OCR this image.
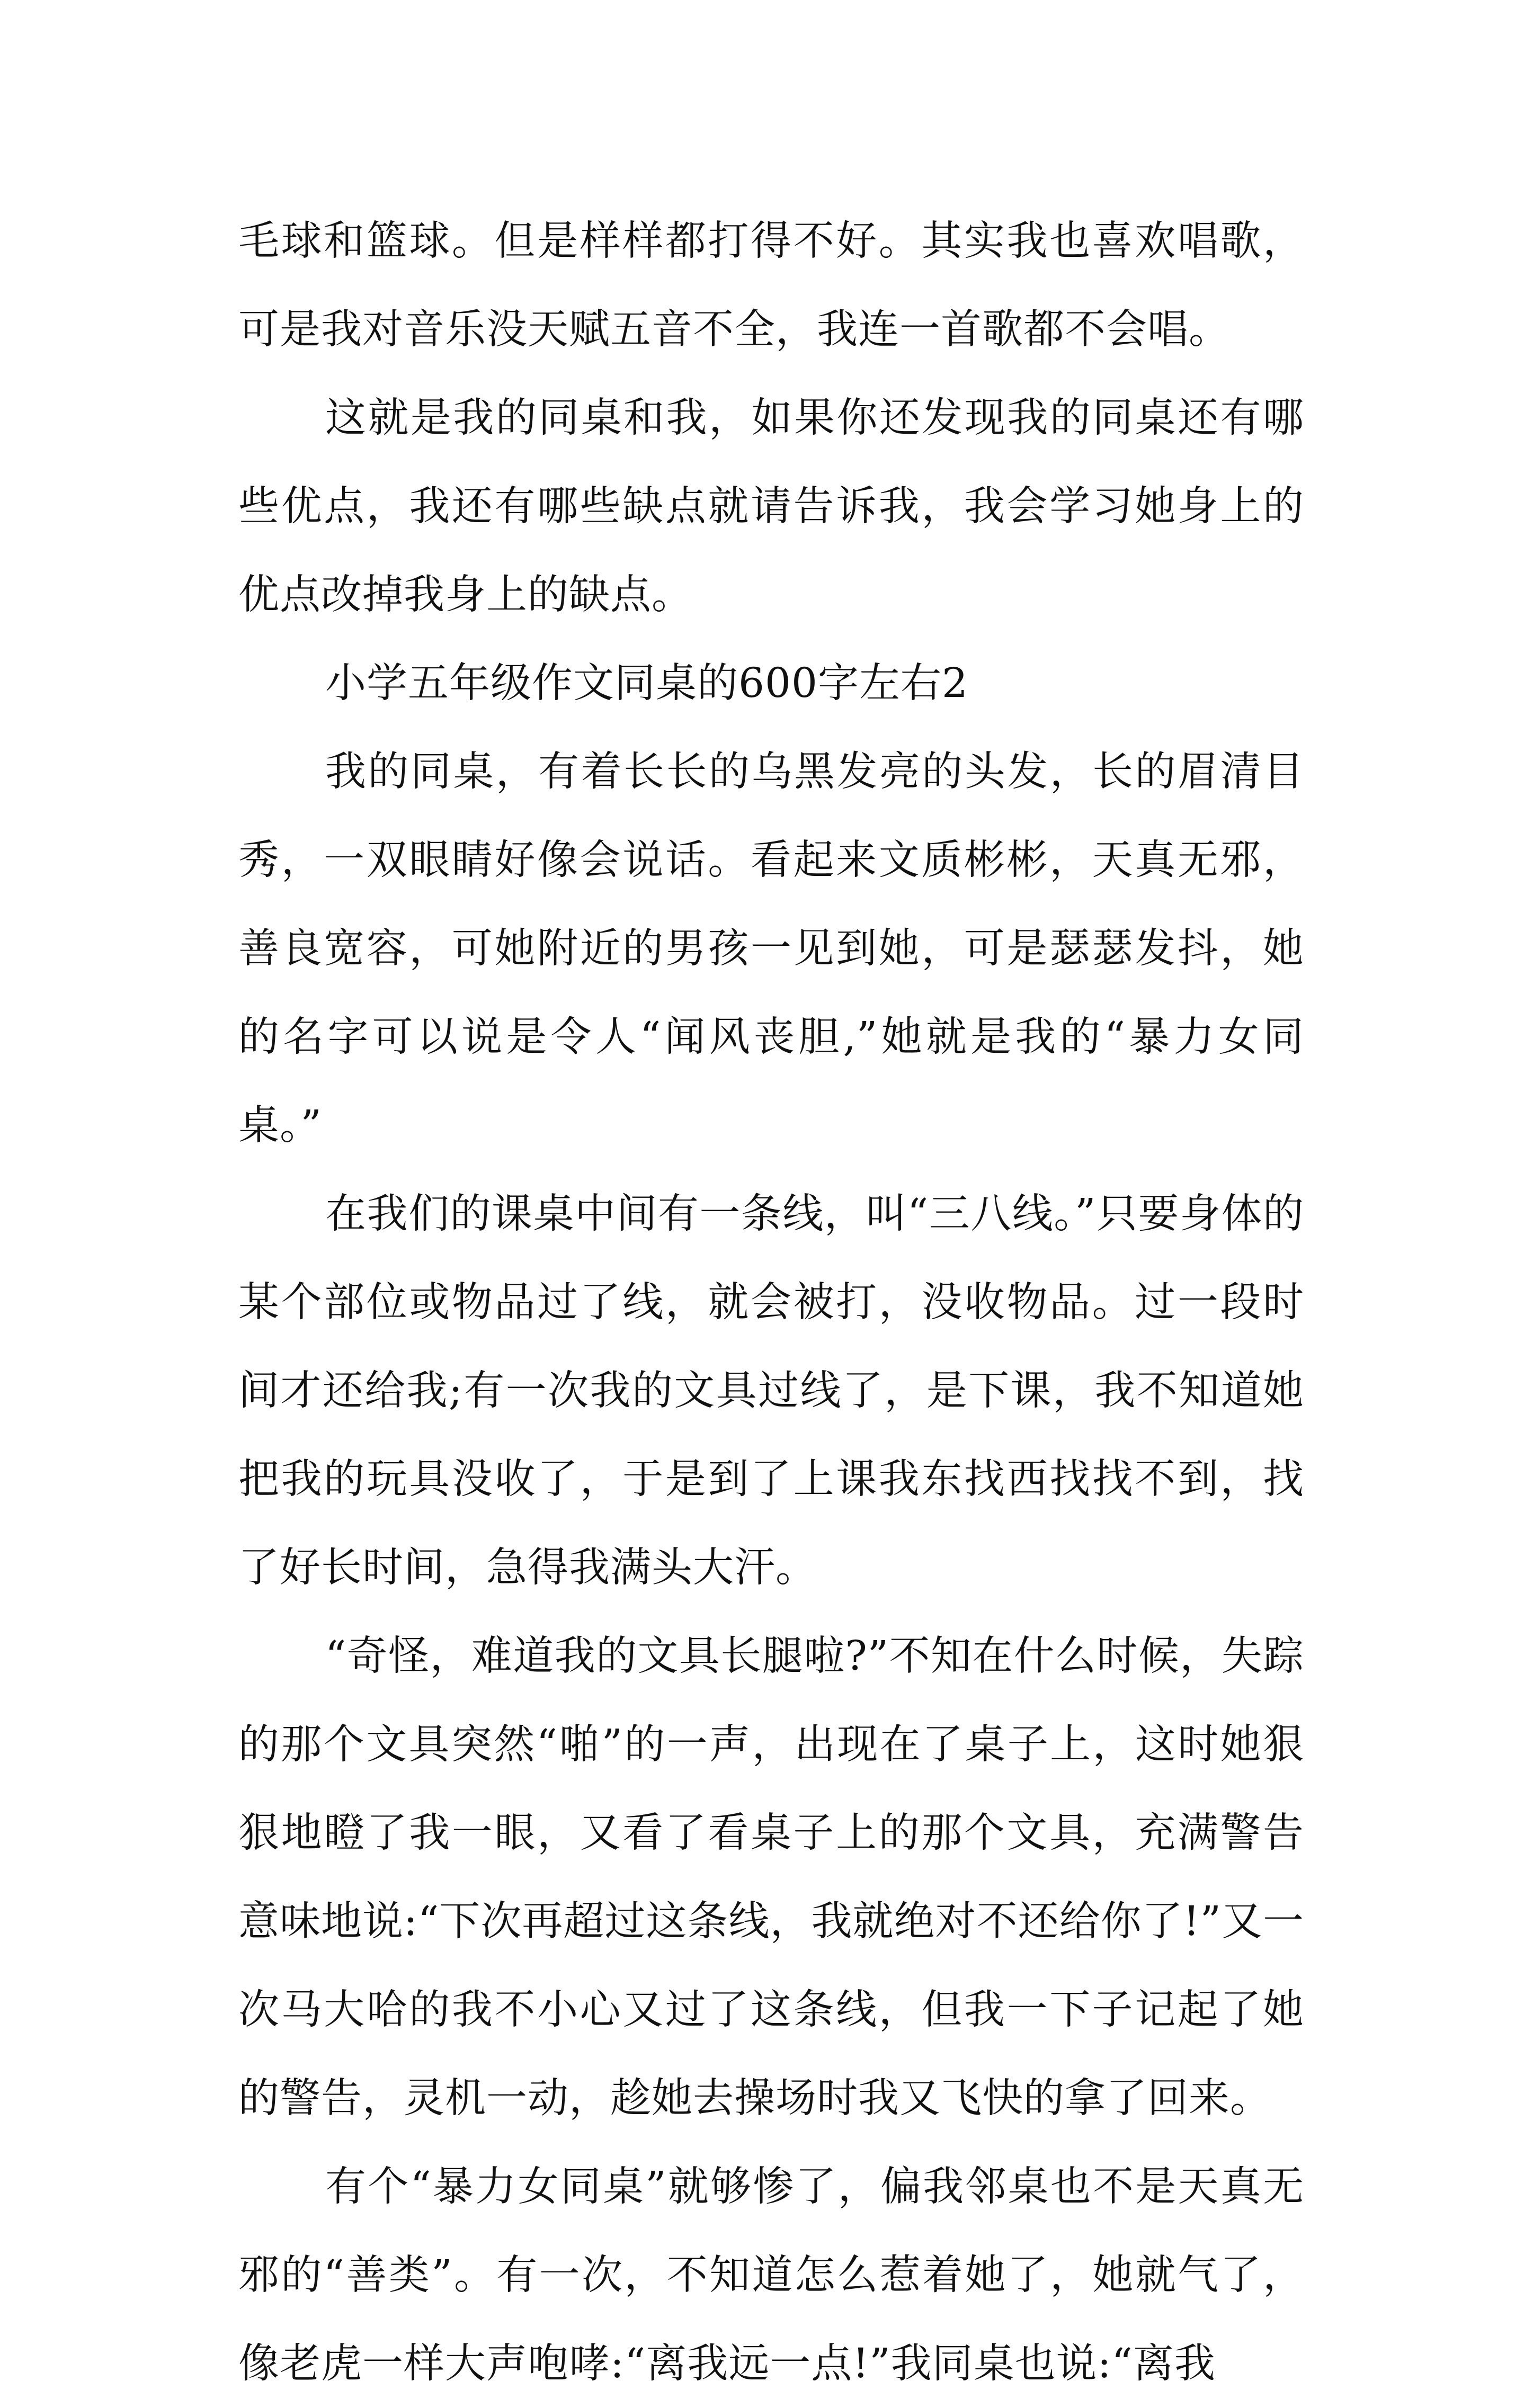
毛球和篮球。但是样样都打得不好。其实我也喜欢唱歌，可是我对音乐没天赋五音不全，我连一首歌都不会唱。

这就是我的同桌和我，如果你还发现我的同桌还有哪些优点，我还有哪些缺点就请告诉我，我会学习她身上的优点改掉我身上的缺点。

小学五年级作文同桌的600字左右2

我的同桌，有着长长的乌黑发亮的头发，长的眉清目秀，一双眼睛好像会说话。看起来文质彬彬，天真无邪，善良宽容，可她附近的男孩一见到她，可是瑟瑟发抖，她的名字可以说是令人“闻风丧胆,”她就是我的“暴力女同桌。”

在我们的课桌中间有一条线，叫“三八线。”只要身体的某个部位或物品过了线，就会被打，没收物品。过一段时间才还给我;有一次我的文具过线了，是下课，我不知道她把我的玩具没收了，于是到了上课我东找西找找不到，找了好长时间，急得我满头大汗。

“奇怪，难道我的文具长腿啦?”不知在什么时候，失踪的那个文具突然“啪”的一声，出现在了桌子上，这时她狠狠地瞪了我一眼，又看了看桌子上的那个文具，充满警告意味地说:“下次再超过这条线，我就绝对不还给你了!”又一次马大哈的我不小心又过了这条线，但我一下子记起了她的警告，灵机一动，趁她去操场时我又飞快的拿了回来。

有个“暴力女同桌”就够惨了，偏我邻桌也不是天真无邪的“善类”。有一次，不知道怎么惹着她了，她就气了，像老虎一样大声咆哮:“离我远一点!”我同桌也说:“离我
